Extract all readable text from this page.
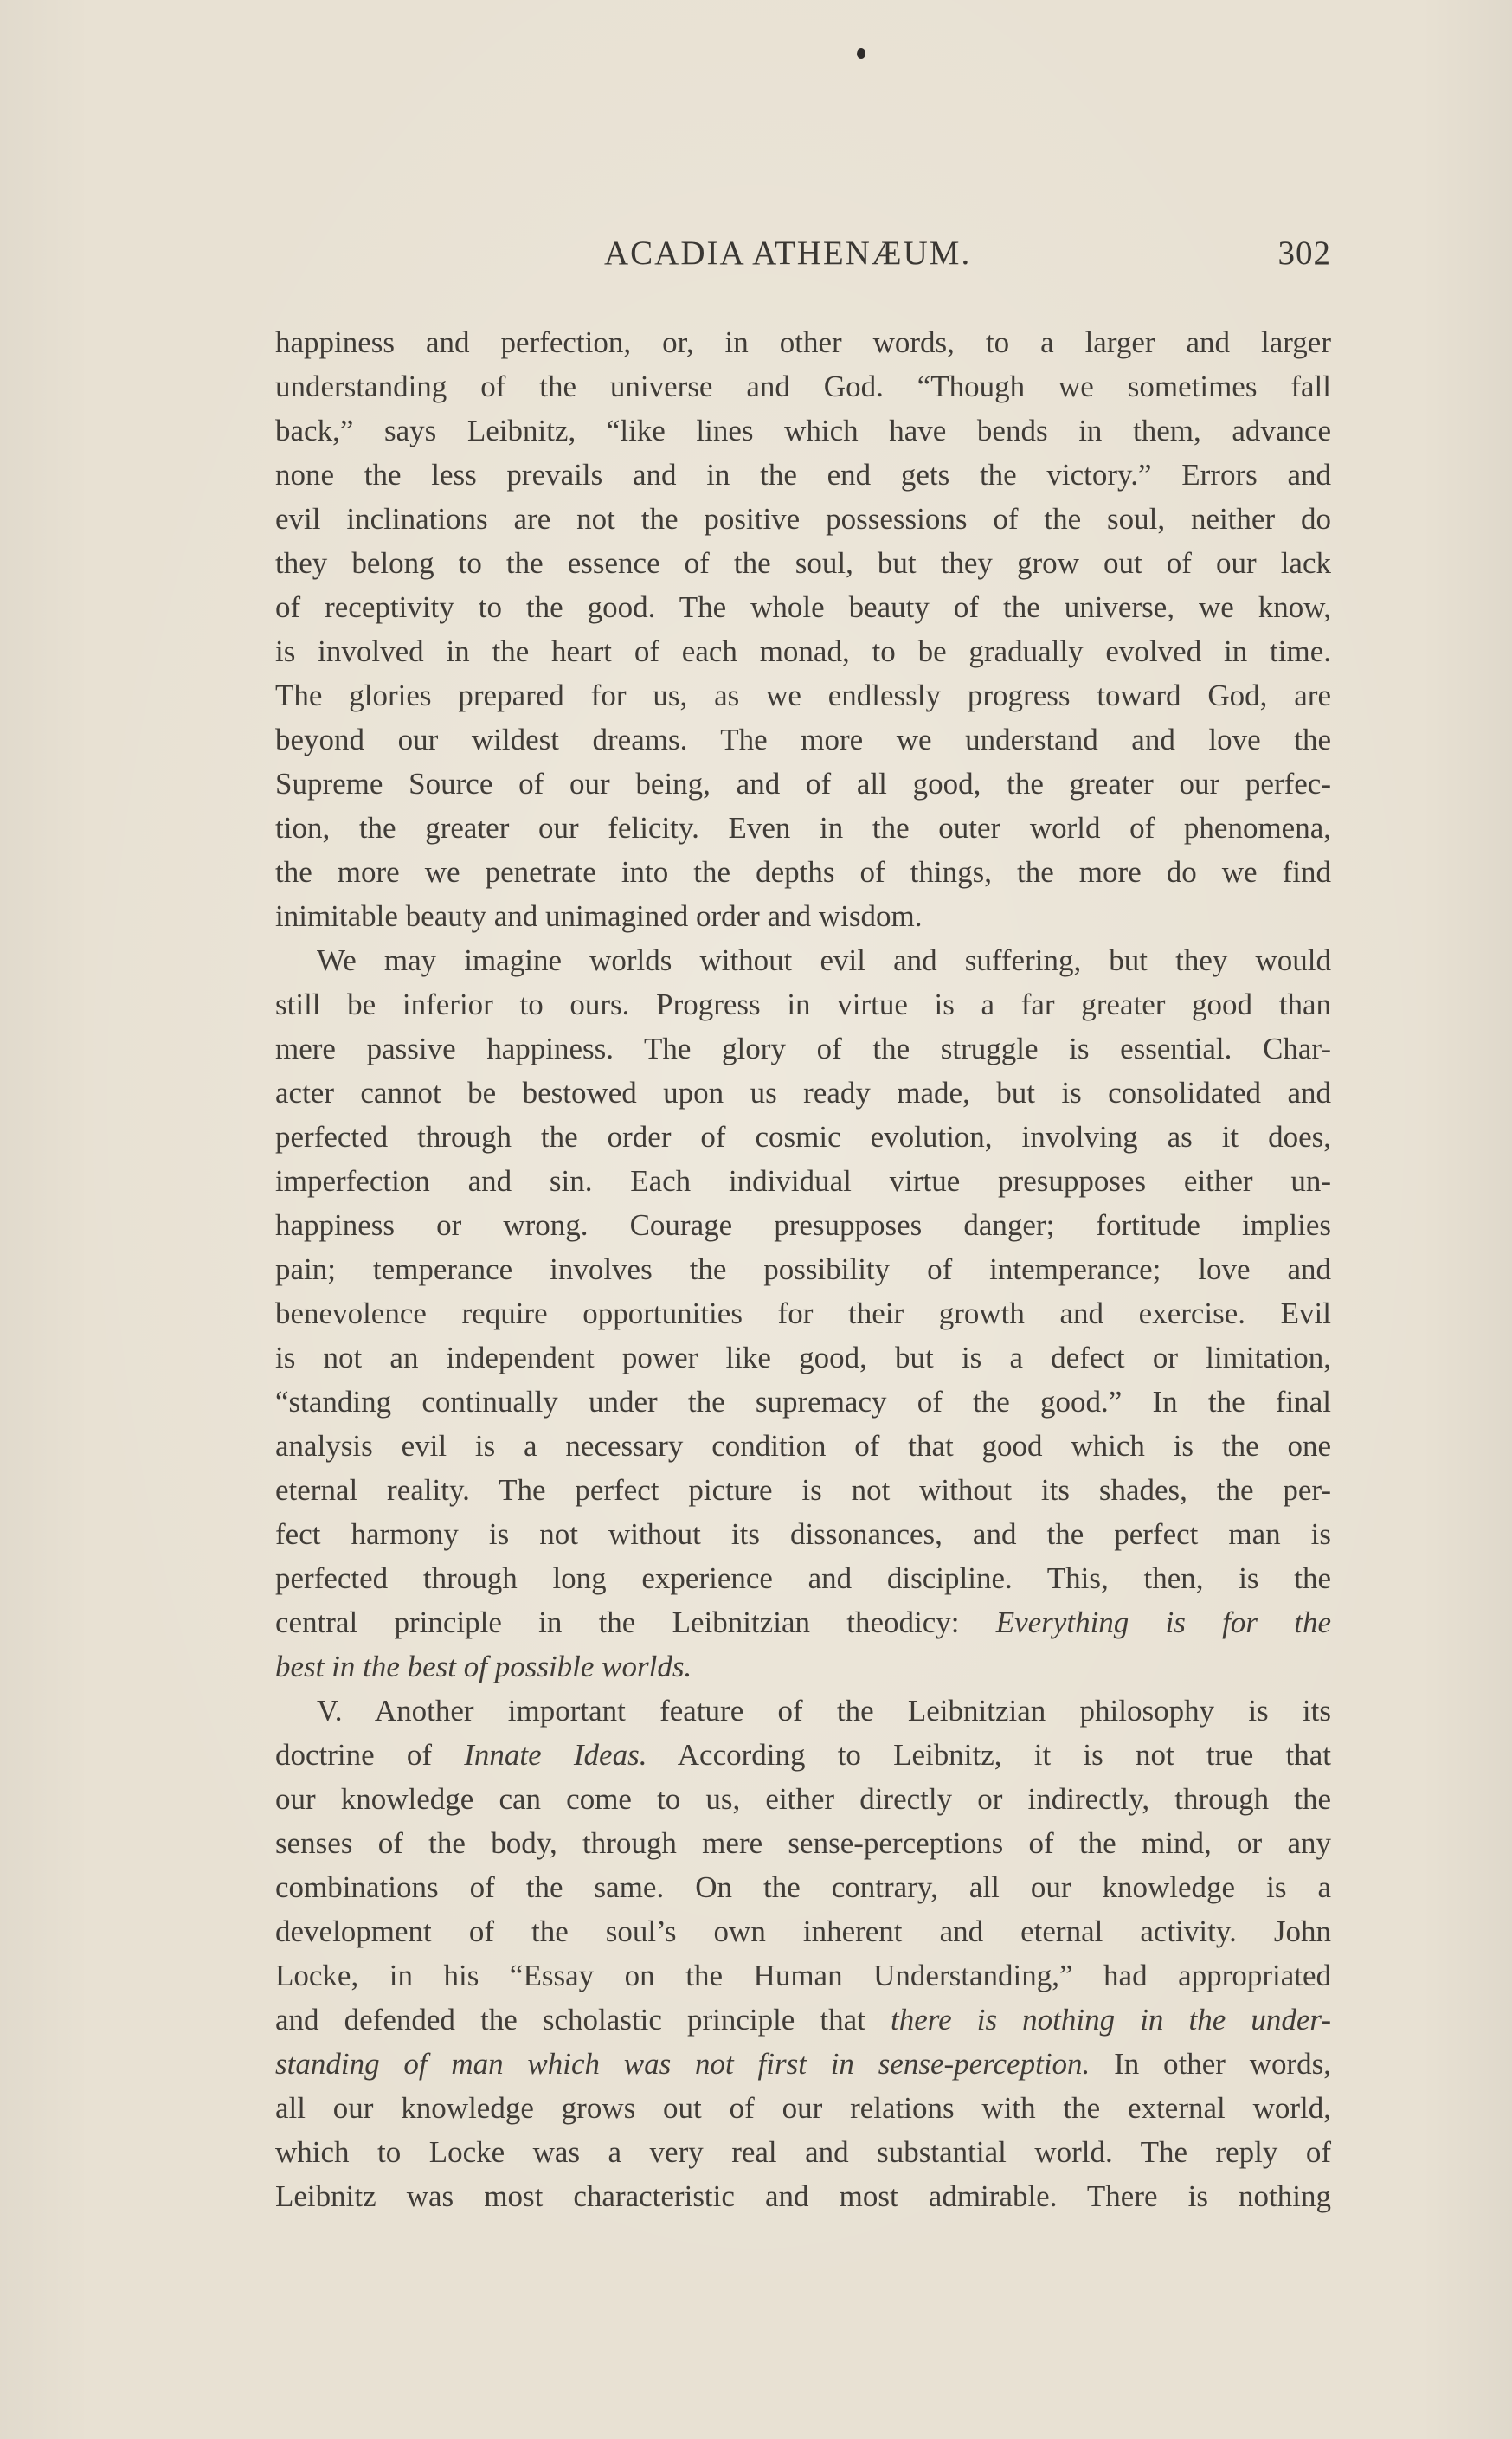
ACADIA ATHENÆUM.	302
happiness and perfection, or, in other words, to a larger and larger
understanding of the universe and God. “Though we sometimes fall
back,” says Leibnitz, “like lines which have bends in them, advance
none the less prevails and in the end gets the victory.” Errors and
evil inclinations are not the positive possessions of the soul, neither do
they belong to the essence of the soul, but they grow out of our lack
of receptivity to the good. The whole beauty of the universe, we know,
is involved in the heart of each monad, to be gradually evolved in time.
The glories prepared for us, as we endlessly progress toward God, are
beyond our wildest dreams. The more we understand and love the
Supreme Source of our being, and of all good, the greater our perfec-
tion, the greater our felicity. Even in the outer world of phenomena,
the more we penetrate into the depths of things, the more do we find
inimitable beauty and unimagined order and wisdom.
We may imagine worlds without evil and suffering, but they would
still be inferior to ours. Progress in virtue is a far greater good than
mere passive happiness. The glory of the struggle is essential. Char-
acter cannot be bestowed upon us ready made, but is consolidated and
perfected through the order of cosmic evolution, involving as it does,
imperfection and sin. Each individual virtue presupposes either un-
happiness or wrong. Courage presupposes danger; fortitude implies
pain; temperance involves the possibility of intemperance; love and
benevolence require opportunities for their growth and exercise. Evil
is not an independent power like good, but is a defect or limitation,
“standing continually under the supremacy of the good.” In the final
analysis evil is a necessary condition of that good which is the one
eternal reality. The perfect picture is not without its shades, the per-
fect harmony is not without its dissonances, and the perfect man is
perfected through long experience and discipline. This, then, is the
central principle in the Leibnitzian theodicy: Everything is for the
best in the best of possible worlds.
V. Another important feature of the Leibnitzian philosophy is its
doctrine of Innate Ideas. According to Leibnitz, it is not true that
our knowledge can come to us, either directly or indirectly, through the
senses of the body, through mere sense-perceptions of the mind, or any
combinations of the same. On the contrary, all our knowledge is a
development of the soul’s own inherent and eternal activity. John
Locke, in his “Essay on the Human Understanding,” had appropriated
and defended the scholastic principle that there is nothing in the under-
standing of man which was not first in sense-perception. In other words,
all our knowledge grows out of our relations with the external world,
which to Locke was a very real and substantial world. The reply of
Leibnitz was most characteristic and most admirable. There is nothing
